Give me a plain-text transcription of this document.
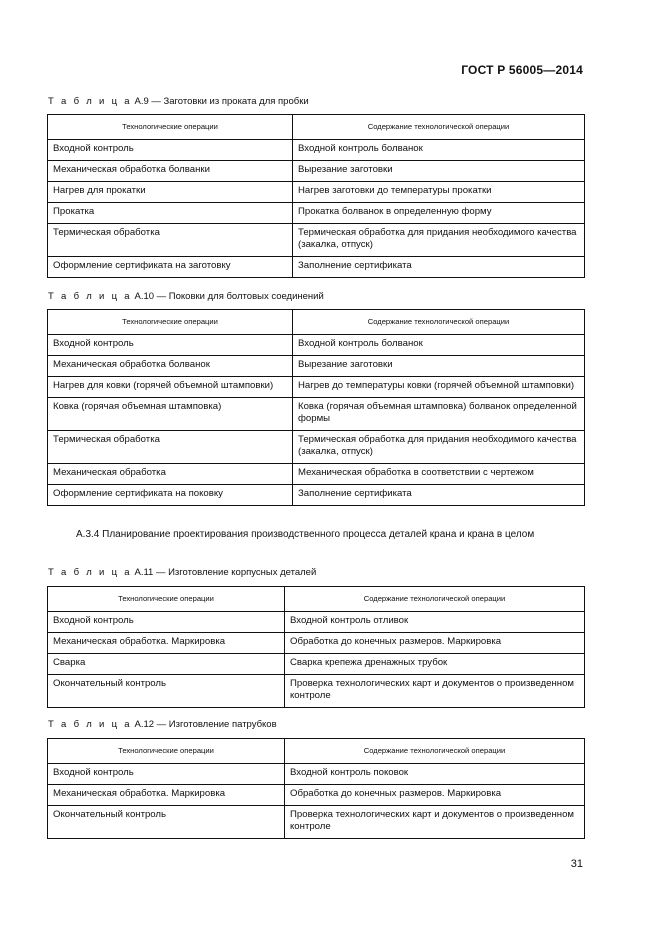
ГОСТ Р 56005—2014
Т а б л и ц а А.9 — Заготовки из проката для пробки
Технологические операции	Содержание технологической операции
Входной контроль	Входной контроль болванок
Механическая обработка болванки	Вырезание заготовки
Нагрев для прокатки	Нагрев заготовки до температуры прокатки
Прокатка	Прокатка болванок в определенную форму
Термическая обработка	Термическая обработка для придания необходимого качества (закалка, отпуск)
Оформление сертификата на заготовку	Заполнение сертификата
Т а б л и ц а А.10 — Поковки для болтовых соединений
Технологические операции	Содержание технологической операции
Входной контроль	Входной контроль болванок
Механическая обработка болванок	Вырезание заготовки
Нагрев для ковки (горячей объемной штамповки)	Нагрев до температуры ковки (горячей объемной штамповки)
Ковка (горячая объемная штамповка)	Ковка (горячая объемная штамповка) болванок определенной формы
Термическая обработка	Термическая обработка для придания необходимого качества (закалка, отпуск)
Механическая обработка	Механическая обработка в соответствии с чертежом
Оформление сертификата на поковку	Заполнение сертификата
А.3.4 Планирование проектирования производственного процесса деталей крана и крана в целом
Т а б л и ц а А.11 — Изготовление корпусных деталей
Технологические операции	Содержание технологической операции
Входной контроль	Входной контроль отливок
Механическая обработка. Маркировка	Обработка до конечных размеров. Маркировка
Сварка	Сварка крепежа дренажных трубок
Окончательный контроль	Проверка технологических карт и документов о произведенном контроле
Т а б л и ц а А.12 — Изготовление патрубков
Технологические операции	Содержание технологической операции
Входной контроль	Входной контроль поковок
Механическая обработка. Маркировка	Обработка до конечных размеров. Маркировка
Окончательный контроль	Проверка технологических карт и документов о произведенном контроле
31
